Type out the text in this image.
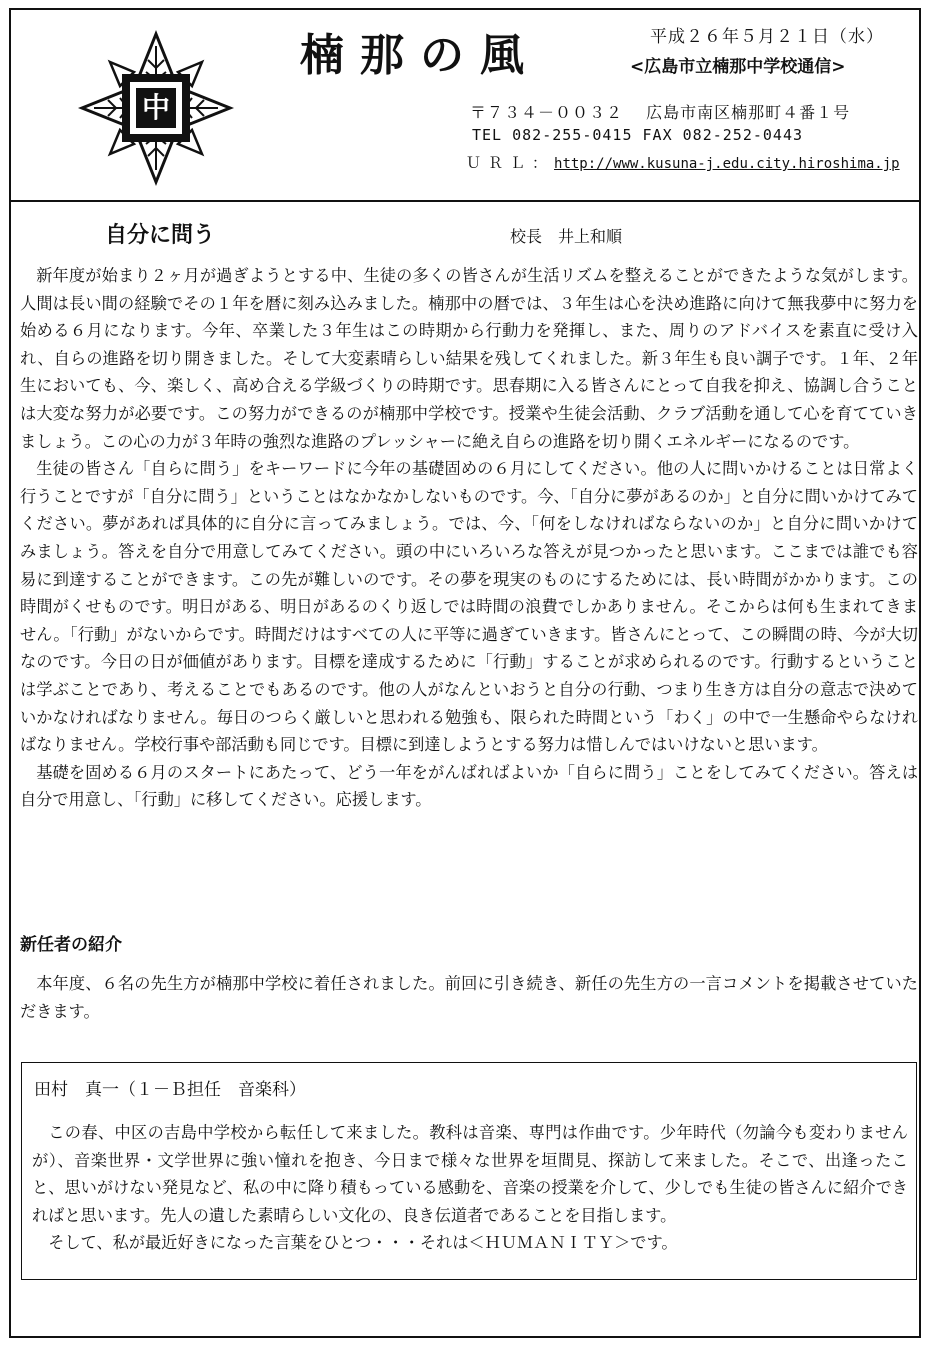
中
楠那の風	平成２６年５月２１日（水）
<広島市立楠那中学校通信>
〒７３４－００３２　 広島市南区楠那町４番１号
TEL 082-255-0415 FAX 082-252-0443
ＵＲＬ：http://www.kusuna-j.edu.city.hiroshima.jp
自分に問う	校長　井上和順

新年度が始まり２ヶ月が過ぎようとする中、生徒の多くの皆さんが生活リズムを整えることができたような気がします。人間は長い間の経験でその１年を暦に刻み込みました。楠那中の暦では、３年生は心を決め進路に向けて無我夢中に努力を始める６月になります。今年、卒業した３年生はこの時期から行動力を発揮し、また、周りのアドバイスを素直に受け入れ、自らの進路を切り開きました。そして大変素晴らしい結果を残してくれました。新３年生も良い調子です。１年、２年生においても、今、楽しく、高め合える学級づくりの時期です。思春期に入る皆さんにとって自我を抑え、協調し合うことは大変な努力が必要です。この努力ができるのが楠那中学校です。授業や生徒会活動、クラブ活動を通して心を育てていきましょう。この心の力が３年時の強烈な進路のプレッシャーに絶え自らの進路を切り開くエネルギーになるのです。

生徒の皆さん「自らに問う」をキーワードに今年の基礎固めの６月にしてください。他の人に問いかけることは日常よく行うことですが「自分に問う」ということはなかなかしないものです。今、「自分に夢があるのか」と自分に問いかけてみてください。夢があれば具体的に自分に言ってみましょう。では、今、「何をしなければならないのか」と自分に問いかけてみましょう。答えを自分で用意してみてください。頭の中にいろいろな答えが見つかったと思います。ここまでは誰でも容易に到達することができます。この先が難しいのです。その夢を現実のものにするためには、長い時間がかかります。この時間がくせものです。明日がある、明日があるのくり返しでは時間の浪費でしかありません。そこからは何も生まれてきません。「行動」がないからです。時間だけはすべての人に平等に過ぎていきます。皆さんにとって、この瞬間の時、今が大切なのです。今日の日が価値があります。目標を達成するために「行動」することが求められるのです。行動するということは学ぶことであり、考えることでもあるのです。他の人がなんといおうと自分の行動、つまり生き方は自分の意志で決めていかなければなりません。毎日のつらく厳しいと思われる勉強も、限られた時間という「わく」の中で一生懸命やらなければなりません。学校行事や部活動も同じです。目標に到達しようとする努力は惜しんではいけないと思います。

基礎を固める６月のスタートにあたって、どう一年をがんばればよいか「自らに問う」ことをしてみてください。答えは自分で用意し、「行動」に移してください。応援します。

新任者の紹介

本年度、６名の先生方が楠那中学校に着任されました。前回に引き続き、新任の先生方の一言コメントを掲載させていただきます。

田村　真一（１－Ｂ担任　音楽科）

この春、中区の吉島中学校から転任して来ました。教科は音楽、専門は作曲です。少年時代（勿論今も変わりませんが）、音楽世界・文学世界に強い憧れを抱き、今日まで様々な世界を垣間見、探訪して来ました。そこで、出逢ったこと、思いがけない発見など、私の中に降り積もっている感動を、音楽の授業を介して、少しでも生徒の皆さんに紹介できればと思います。先人の遺した素晴らしい文化の、良き伝道者であることを目指します。

そして、私が最近好きになった言葉をひとつ・・・それは＜ＨＵＭＡＮＩＴＹ＞です。
